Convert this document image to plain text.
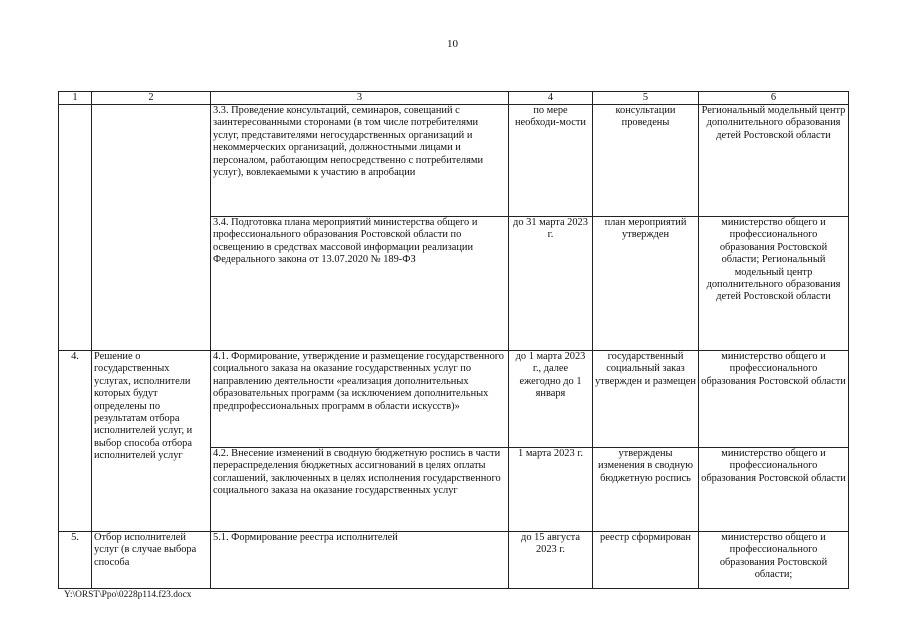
10
1	2	3	4	5	6
		3.3. Проведение консультаций, семинаров, совещаний с заинтересованными сторонами (в том числе потребителями услуг, представителями негосударственных организаций и некоммерческих организаций, должностными лицами и персоналом, работающим непосредственно с потребителями услуг), вовлекаемыми к участию в апробации	по мере необходи-мости	консультации проведены	Региональный модельный центр дополнительного образования детей Ростовской области
		3.4. Подготовка плана мероприятий министерства общего и профессионального образования Ростовской области по освещению в средствах массовой информации реализации Федерального закона от 13.07.2020 № 189-ФЗ	до 31 марта 2023 г.	план мероприятий утвержден	министерство общего и профессионального образования Ростовской области; Региональный модельный центр дополнительного образования детей Ростовской области
4.	Решение о государственных услугах, исполнители которых будут определены по результатам отбора исполнителей услуг, и выбор способа отбора исполнителей услуг	4.1. Формирование, утверждение и размещение государственного социального заказа на оказание государственных услуг по направлению деятельности «реализация дополнительных образовательных программ (за исключением дополнительных предпрофессиональных программ в области искусств)»	до 1 марта 2023 г., далее ежегодно до 1 января	государственный социальный заказ утвержден и размещен	министерство общего и профессионального образования Ростовской области
		4.2. Внесение изменений в сводную бюджетную роспись в части перераспределения бюджетных ассигнований в целях оплаты соглашений, заключенных в целях исполнения государственного социального заказа на оказание государственных услуг	1 марта 2023 г.	утверждены изменения в сводную бюджетную роспись	министерство общего и профессионального образования Ростовской области
5.	Отбор исполнителей услуг (в случае выбора способа	5.1. Формирование реестра исполнителей	до 15 августа 2023 г.	реестр сформирован	министерство общего и профессионального образования Ростовской области;
Y:\ORST\Ppo\0228p114.f23.docx
